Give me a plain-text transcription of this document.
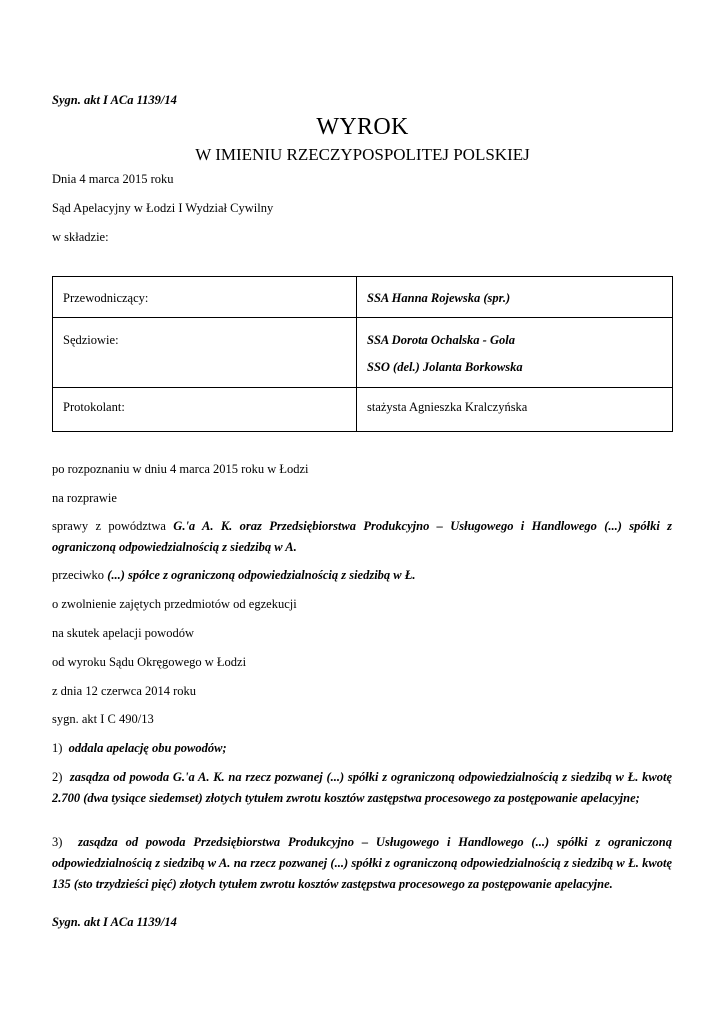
Sygn. akt I ACa 1139/14
WYROK
W IMIENIU RZECZYPOSPOLITEJ POLSKIEJ
Dnia 4 marca 2015 roku
Sąd Apelacyjny w Łodzi I Wydział Cywilny
w składzie:
Przewodniczący:	SSA Hanna Rojewska (spr.)
Sędziowie:	SSA Dorota Ochalska - Gola
SSO (del.) Jolanta Borkowska

Protokolant:	stażysta Agnieszka Kralczyńska
po rozpoznaniu w dniu 4 marca 2015 roku w Łodzi
na rozprawie
sprawy z powództwa G.'a A. K. oraz Przedsiębiorstwa Produkcyjno – Usługowego i Handlowego (...) spółki z ograniczoną odpowiedzialnością z siedzibą w A.
przeciwko (...) spółce z ograniczoną odpowiedzialnością z siedzibą w Ł.
o zwolnienie zajętych przedmiotów od egzekucji
na skutek apelacji powodów
od wyroku Sądu Okręgowego w Łodzi
z dnia 12 czerwca 2014 roku
sygn. akt I C 490/13
1) oddala apelację obu powodów;
2) zasądza od powoda G.'a A. K. na rzecz pozwanej (...) spółki z ograniczoną odpowiedzialnością z siedzibą w Ł. kwotę 2.700 (dwa tysiące siedemset) złotych tytułem zwrotu kosztów zastępstwa procesowego za postępowanie apelacyjne;
3) zasądza od powoda Przedsiębiorstwa Produkcyjno – Usługowego i Handlowego (...) spółki z ograniczoną odpowiedzialnością z siedzibą w A. na rzecz pozwanej (...) spółki z ograniczoną odpowiedzialnością z siedzibą w Ł. kwotę 135 (sto trzydzieści pięć) złotych tytułem zwrotu kosztów zastępstwa procesowego za postępowanie apelacyjne.
Sygn. akt I ACa 1139/14
